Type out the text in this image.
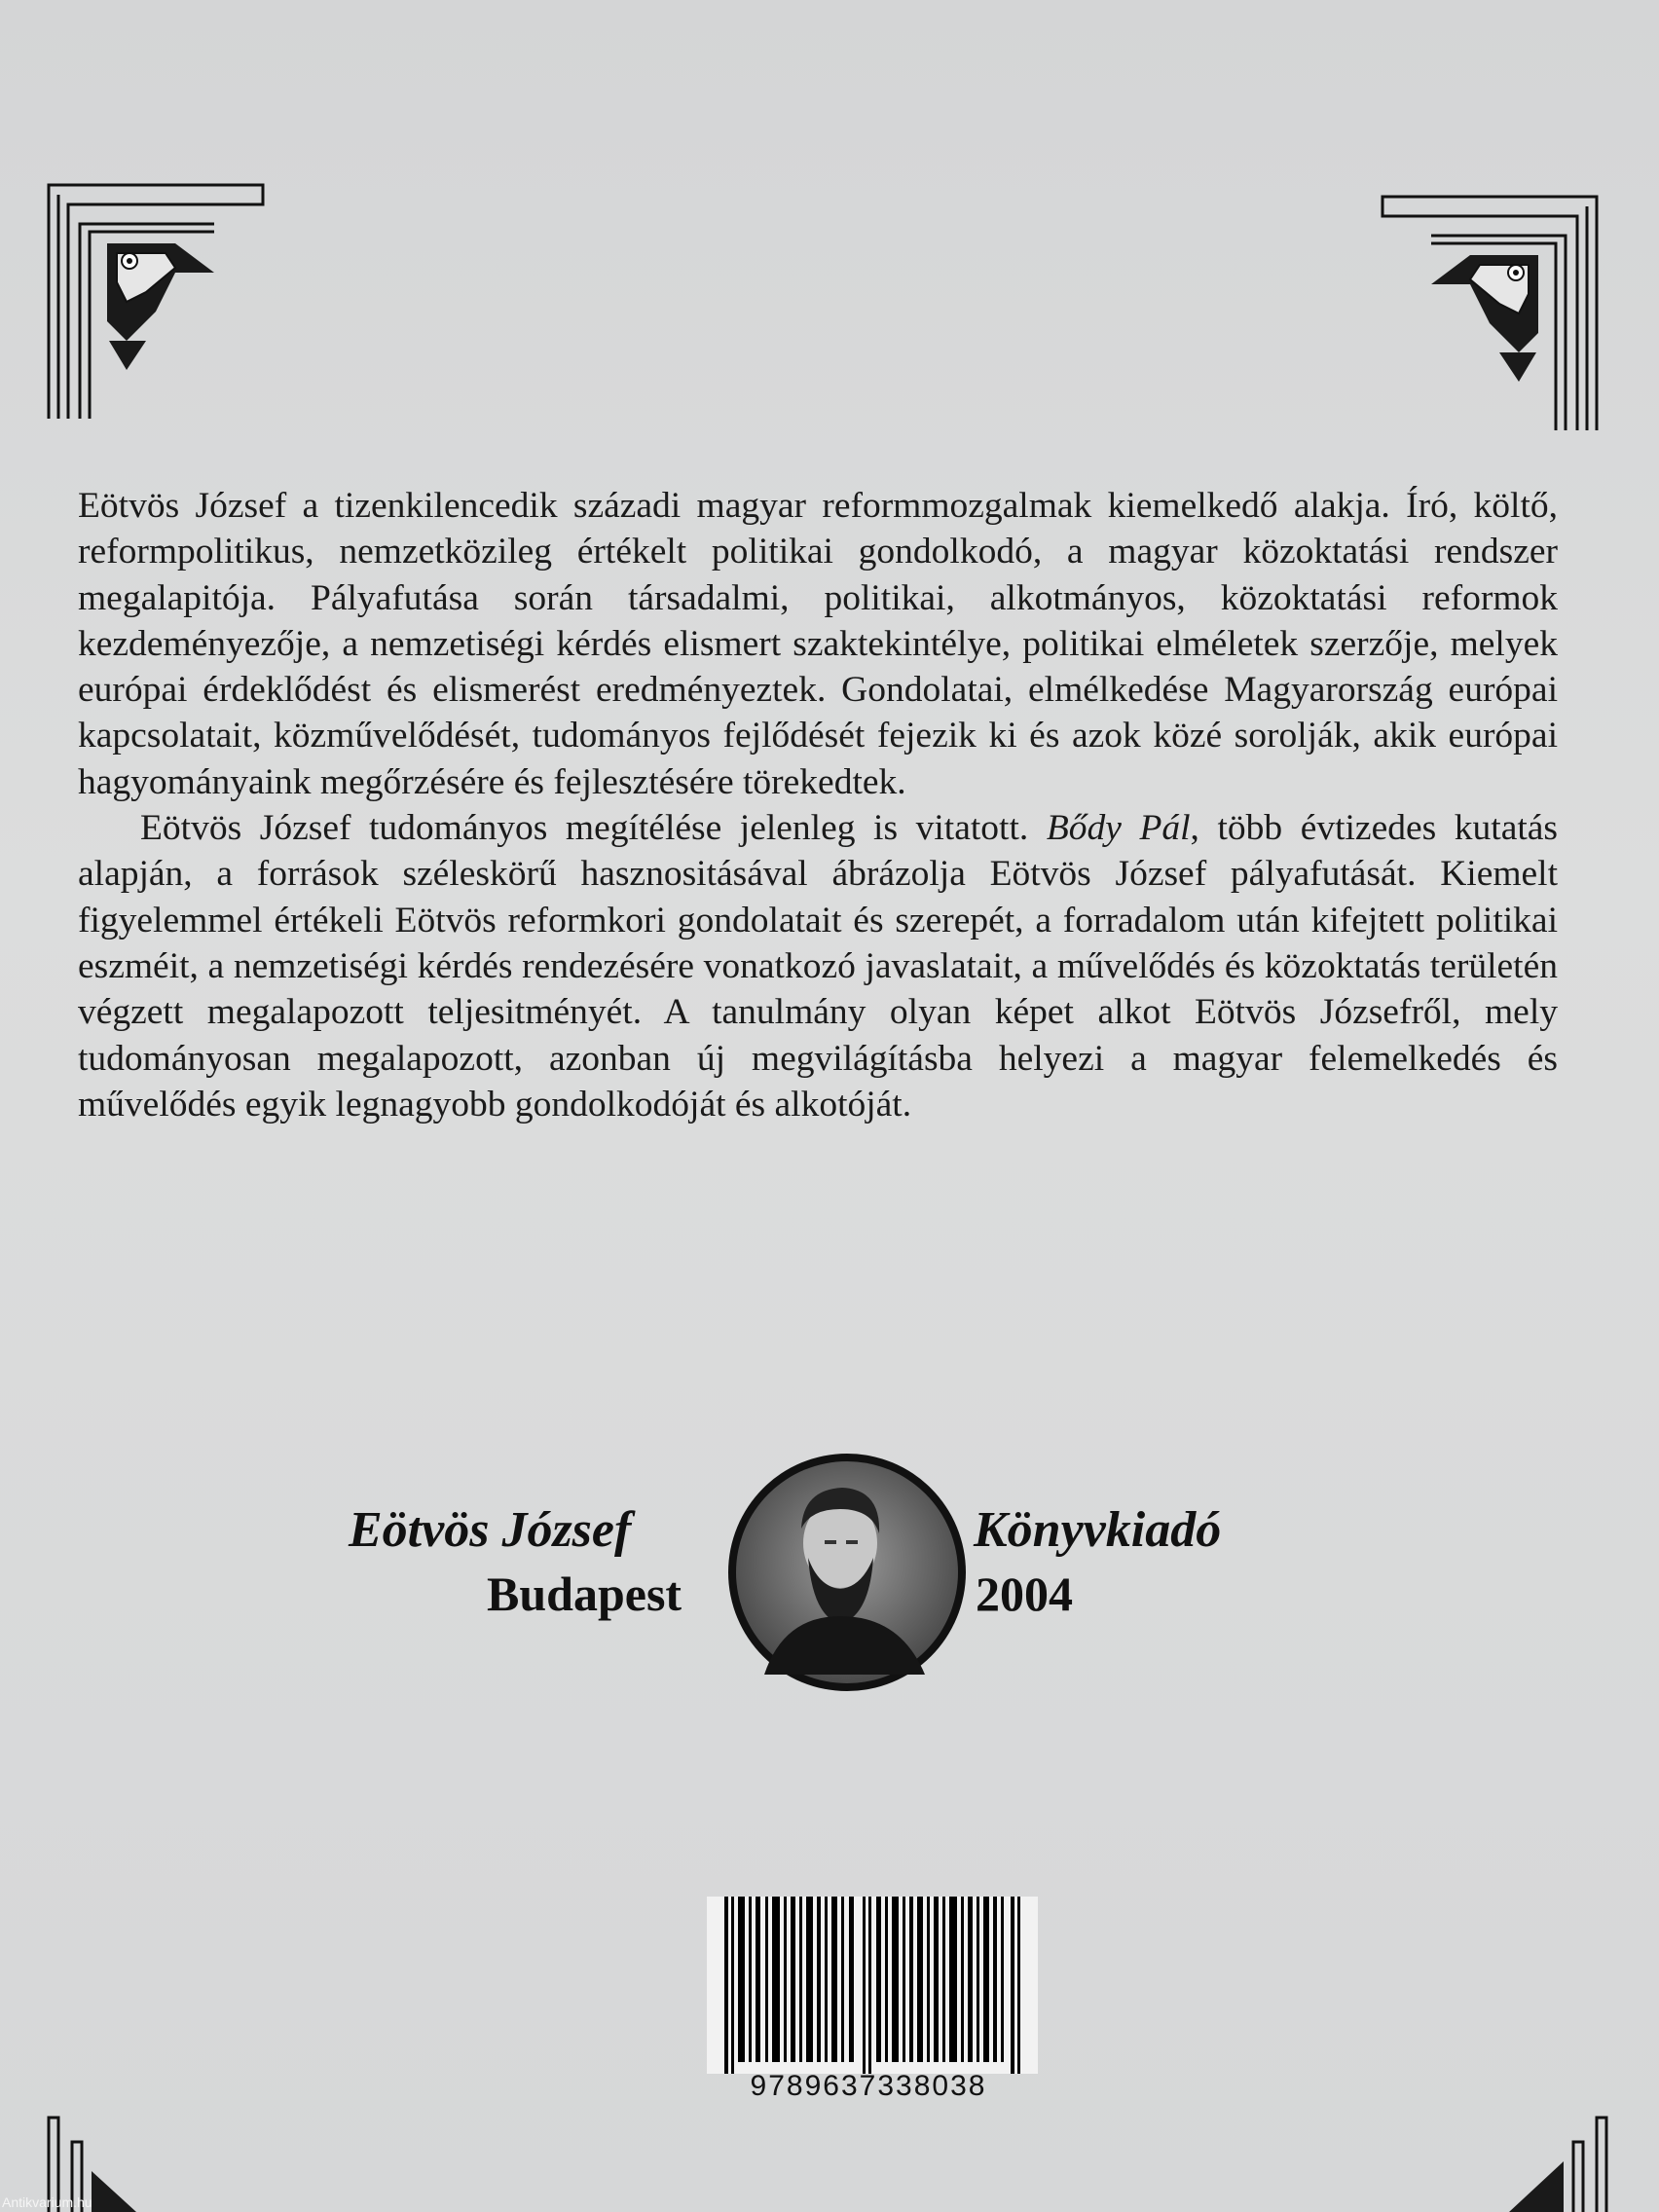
Eötvös József a tizenkilencedik századi magyar reformmozgalmak kiemelkedő alakja. Író, költő, reformpolitikus, nemzetközileg értékelt politikai gondolkodó, a magyar közoktatási rendszer megalapitója. Pályafutása során társadalmi, politikai, alkotmányos, közoktatási reformok kezdeményezője, a nemzetiségi kérdés elismert szaktekintélye, politikai elméletek szerzője, melyek európai érdeklődést és elismerést eredményeztek. Gondolatai, elmélkedése Magyarország európai kapcsolatait, közművelődését, tudományos fejlődését fejezik ki és azok közé sorolják, akik európai hagyományaink megőrzésére és fejlesztésére törekedtek.

Eötvös József tudományos megítélése jelenleg is vitatott. Bődy Pál, több évtizedes kutatás alapján, a források széleskörű hasznositásával ábrázolja Eötvös József pályafutását. Kiemelt figyelemmel értékeli Eötvös reformkori gondolatait és szerepét, a forradalom után kifejtett politikai eszméit, a nemzetiségi kérdés rendezésére vonatkozó javaslatait, a művelődés és közoktatás területén végzett megalapozott teljesitményét. A tanulmány olyan képet alkot Eötvös Józsefről, mely tudományosan megalapozott, azonban új megvilágításba helyezi a magyar felemelkedés és művelődés egyik legnagyobb gondolkodóját és alkotóját.

Eötvös József	Könyvkiadó
Budapest	2004
9789637338038
Antikvarium.hu
